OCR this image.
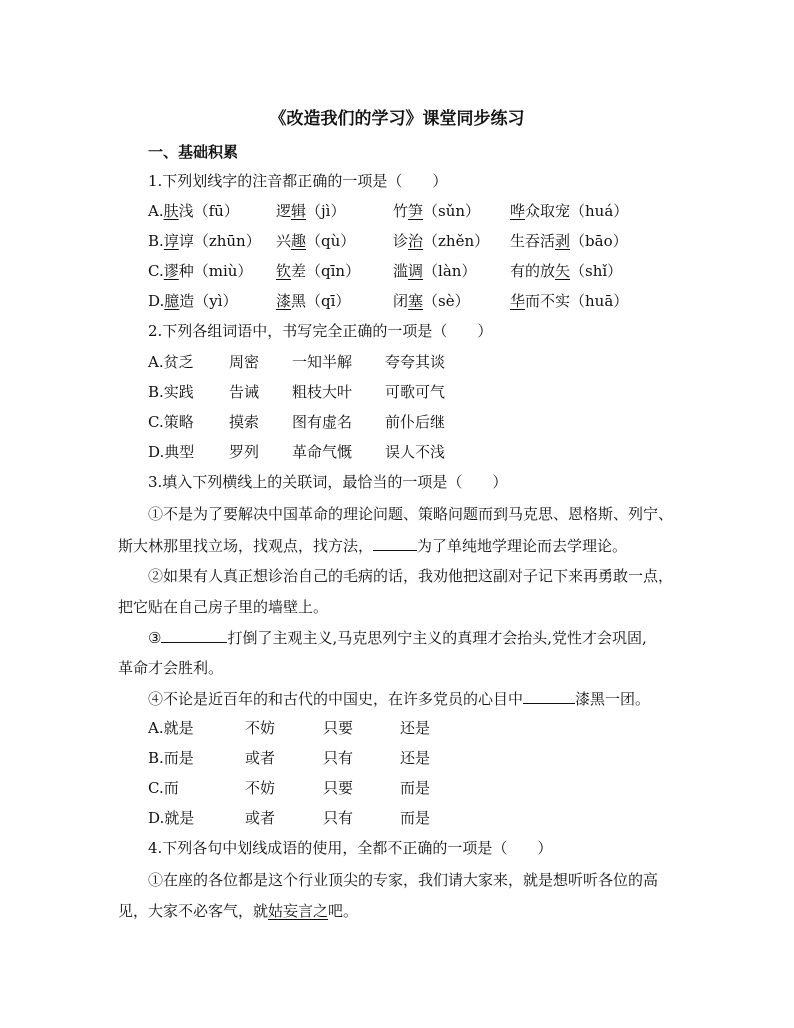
《改造我们的学习》课堂同步练习
一、基础积累
1.下列划线字的注音都正确的一项是（　　）
A.肤浅（fū） 逻辑（jì）	竹笋（sǔn） 哗众取宠（huá）
B.谆谆（zhūn） 兴趣（qù）	诊治（zhěn） 生吞活剥（bāo）
C.谬种（miù） 钦差（qīn） 滥调（làn） 有的放矢（shǐ）
D.臆造（yì）	漆黑（qī）	闭塞（sè）	华而不实（huā）
2.下列各组词语中，书写完全正确的一项是（　　）
A.贫乏 周密 一知半解 夸夸其谈
B.实践 告诫 粗枝大叶 可歌可气
C.策略 摸索 图有虚名 前仆后继
D.典型 罗列 革命气慨 误人不浅
3.填入下列横线上的关联词，最恰当的一项是（　　）
①不是为了要解决中国革命的理论问题、策略问题而到马克思、恩格斯、列宁、
斯大林那里找立场，找观点，找方法，	为了单纯地学理论而去学理论。
②如果有人真正想诊治自己的毛病的话，我劝他把这副对子记下来再勇敢一点，
把它贴在自己房子里的墙壁上。
③	打倒了主观主义,马克思列宁主义的真理才会抬头,党性才会巩固,
革命才会胜利。
④不论是近百年的和古代的中国史，在许多党员的心目中	漆黑一团。
A.就是	不妨	只要	还是
B.而是	或者	只有	还是
C.而	不妨	只要	而是
D.就是	或者	只有	而是
4.下列各句中划线成语的使用，全都不正确的一项是（　　）
①在座的各位都是这个行业顶尖的专家，我们请大家来，就是想听听各位的高
见，大家不必客气，就姑妄言之吧。
